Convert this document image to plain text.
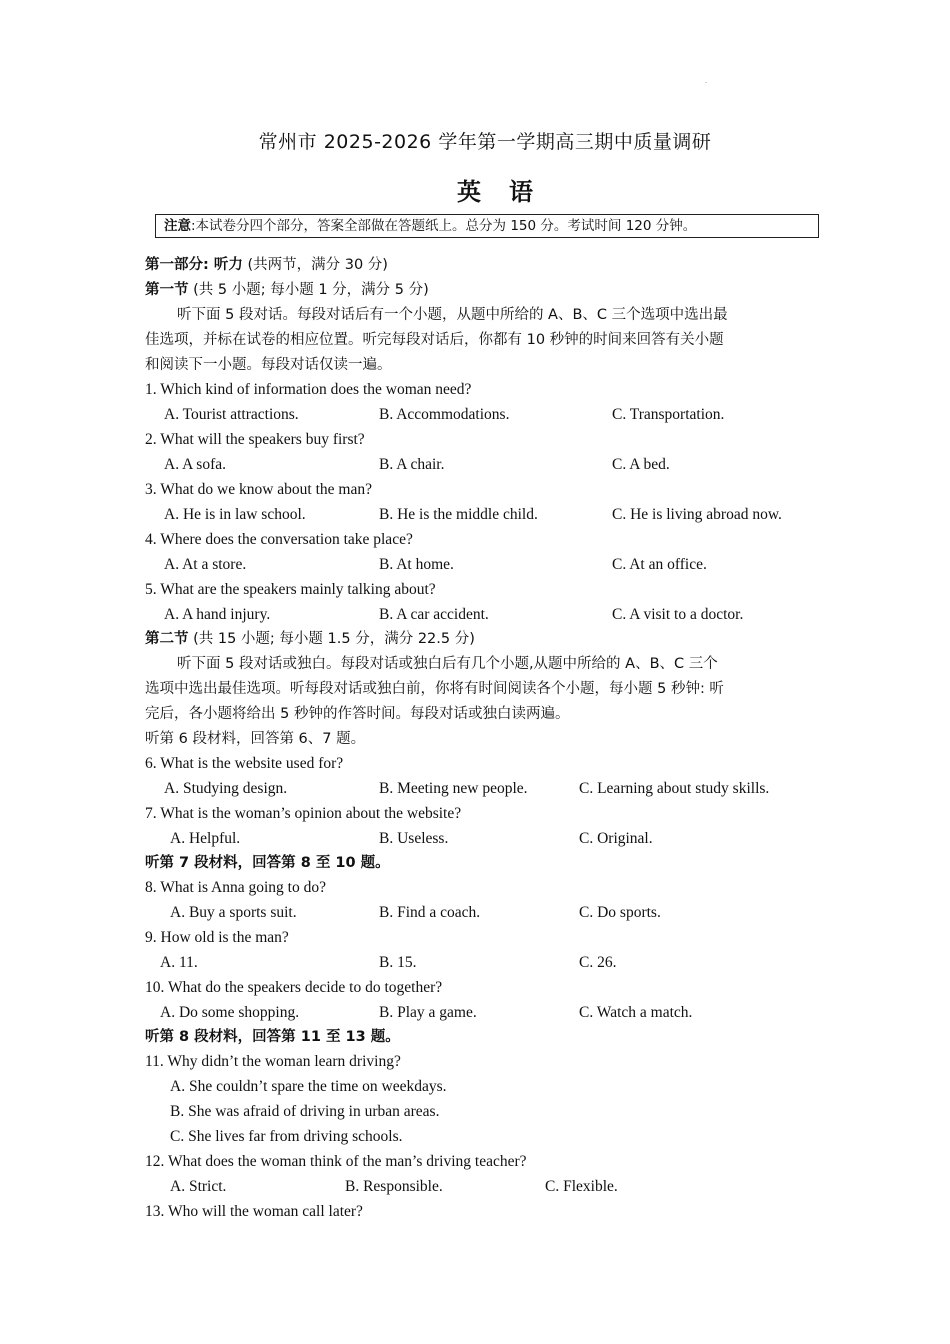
.
常州市 2025-2026 学年第一学期高三期中质量调研
英 语
注意:本试卷分四个部分，答案全部做在答题纸上。总分为 150 分。考试时间 120 分钟。
第一部分: 听力 (共两节，满分 30 分)
第一节 (共 5 小题; 每小题 1 分，满分 5 分)
听下面 5 段对话。每段对话后有一个小题，从题中所给的 A、B、C 三个选项中选出最
佳选项，并标在试卷的相应位置。听完每段对话后，你都有 10 秒钟的时间来回答有关小题
和阅读下一小题。每段对话仅读一遍。
1. Which kind of information does the woman need?
A. Tourist attractions.	B. Accommodations.	C. Transportation.
2. What will the speakers buy first?
A. A sofa.	B. A chair.	C. A bed.
3. What do we know about the man?
A. He is in law school.	B. He is the middle child.	C. He is living abroad now.
4. Where does the conversation take place?
A. At a store.	B. At home.	C. At an office.
5. What are the speakers mainly talking about?
A. A hand injury.	B. A car accident.	C. A visit to a doctor.
第二节 (共 15 小题; 每小题 1.5 分，满分 22.5 分)
听下面 5 段对话或独白。每段对话或独白后有几个小题,从题中所给的 A、B、C 三个
选项中选出最佳选项。听每段对话或独白前，你将有时间阅读各个小题，每小题 5 秒钟: 听
完后，各小题将给出 5 秒钟的作答时间。每段对话或独白读两遍。
听第 6 段材料，回答第 6、7 题。
6. What is the website used for?
A. Studying design.	B. Meeting new people.	C. Learning about study skills.
7. What is the woman’s opinion about the website?
A. Helpful.	B. Useless.	C. Original.
听第 7 段材料，回答第 8 至 10 题。
8. What is Anna going to do?
A. Buy a sports suit.	B. Find a coach.	C. Do sports.
9. How old is the man?
A. 11.	B. 15.	C. 26.
10. What do the speakers decide to do together?
A. Do some shopping.	B. Play a game.	C. Watch a match.
听第 8 段材料，回答第 11 至 13 题。
11. Why didn’t the woman learn driving?
A. She couldn’t spare the time on weekdays.
B. She was afraid of driving in urban areas.
C. She lives far from driving schools.
12. What does the woman think of the man’s driving teacher?
A. Strict.	B. Responsible.	C. Flexible.
13. Who will the woman call later?
